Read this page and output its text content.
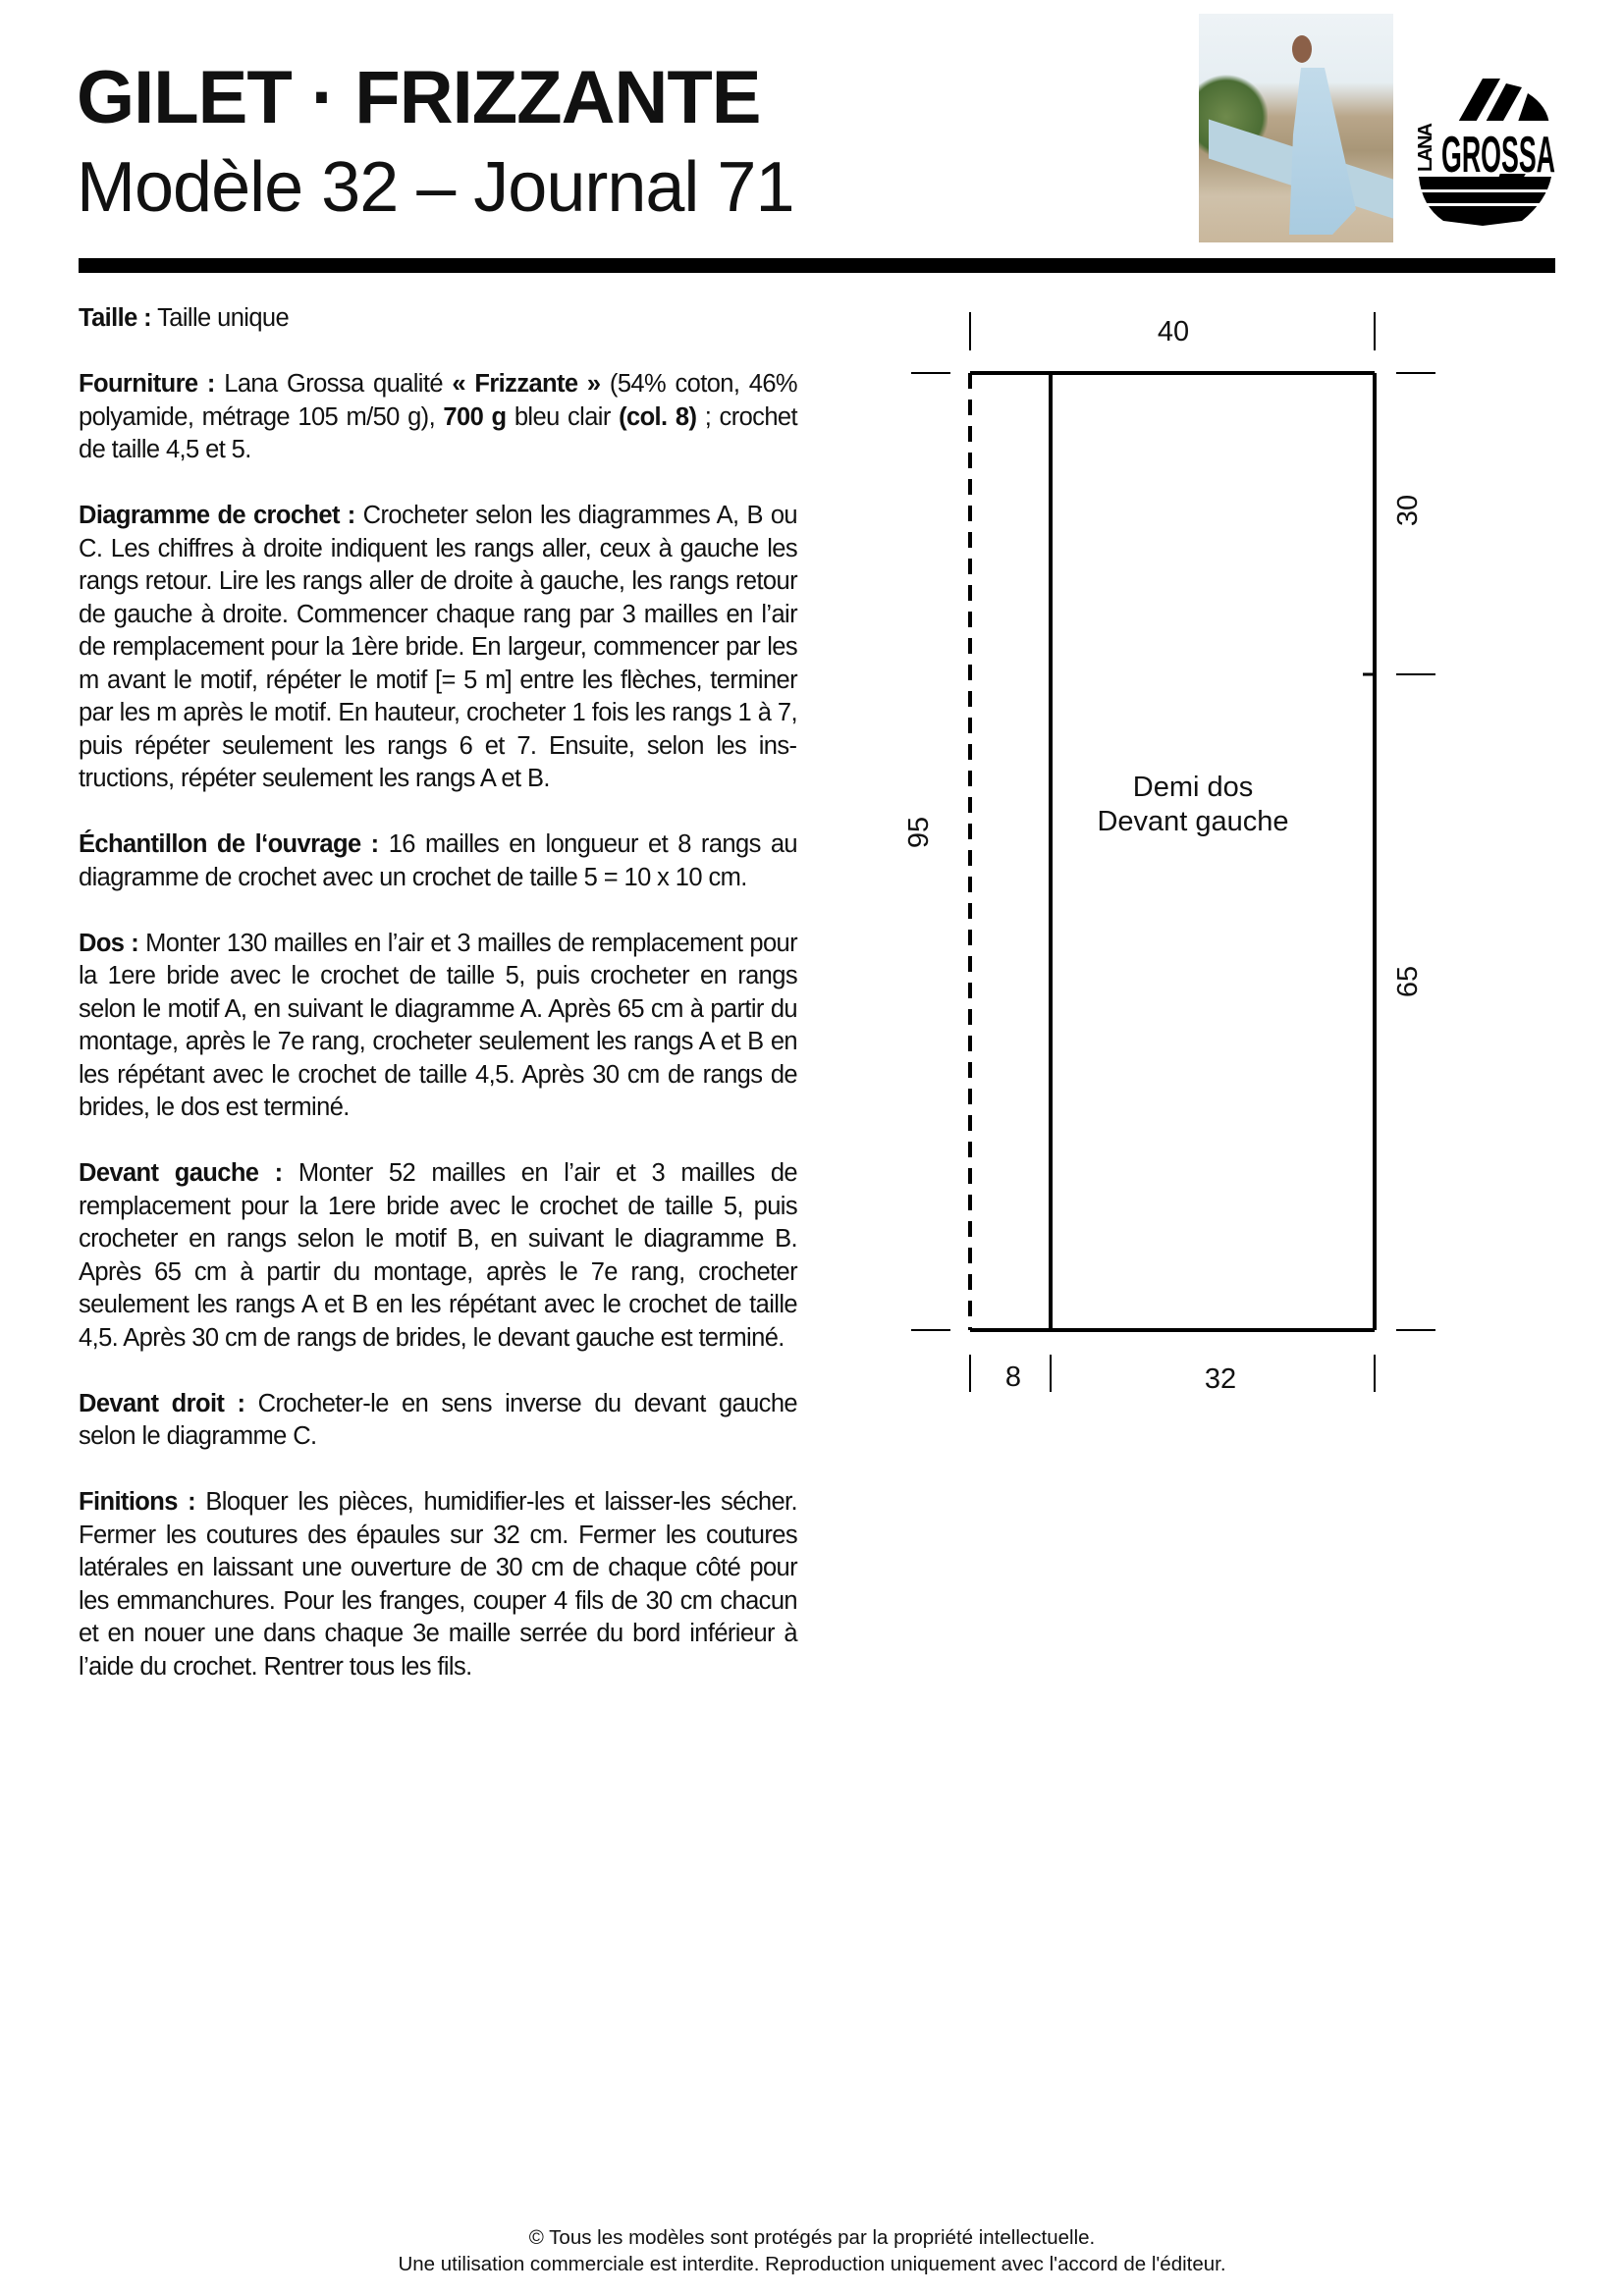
GILET · FRIZZANTE
Modèle 32 – Journal 71	LANA GROSSA

Taille : Taille unique

Fourniture : Lana Grossa qualité « Frizzante » (54% coton, 46% polyamide, métrage 105 m/50 g), 700 g bleu clair (col. 8) ; crochet de taille 4,5 et 5.

Diagramme de crochet : Crocheter selon les diagrammes A, B ou C. Les chiffres à droite indiquent les rangs aller, ceux à gauche les rangs retour. Lire les rangs aller de droite à gauche, les rangs retour de gauche à droite. Commencer chaque rang par 3 mailles en l’air de remplacement pour la 1ère bride. En largeur, commencer par les m avant le motif, répéter le motif [= 5 m] entre les flèches, terminer par les m après le motif. En hauteur, crocheter 1 fois les rangs 1 à 7, puis répéter seulement les rangs 6 et 7. Ensuite, selon les instructions, répéter seulement les rangs A et B.

Échantillon de l‘ouvrage : 16 mailles en longueur et 8 rangs au diagramme de crochet avec un crochet de taille 5 = 10 x 10 cm.

Dos : Monter 130 mailles en l’air et 3 mailles de remplacement pour la 1ere bride avec le crochet de taille 5, puis crocheter en rangs selon le motif A, en suivant le diagramme A. Après 65 cm à partir du montage, après le 7e rang, crocheter seulement les rangs A et B en les répétant avec le crochet de taille 4,5. Après 30 cm de rangs de brides, le dos est terminé.

Devant gauche : Monter 52 mailles en l’air et 3 mailles de remplacement pour la 1ere bride avec le crochet de taille 5, puis crocheter en rangs selon le motif B, en suivant le diagramme B. Après 65 cm à partir du montage, après le 7e rang, crocheter seulement les rangs A et B en les répétant avec le crochet de taille 4,5. Après 30 cm de rangs de brides, le devant gauche est terminé.

Devant droit : Crocheter-le en sens inverse du devant gauche selon le diagramme C.

Finitions : Bloquer les pièces, humidifier-les et laisser-les sécher. Fermer les coutures des épaules sur 32 cm. Fermer les coutures latérales en laissant une ouverture de 30 cm de chaque côté pour les emmanchures. Pour les franges, couper 4 fils de 30 cm chacun et en nouer une dans chaque 3e maille serrée du bord inférieur à l’aide du crochet. Rentrer tous les fils.

40
95
30
65
8	32
Demi dos
Devant gauche
© Tous les modèles sont protégés par la propriété intellectuelle.
Une utilisation commerciale est interdite. Reproduction uniquement avec l'accord de l'éditeur.
